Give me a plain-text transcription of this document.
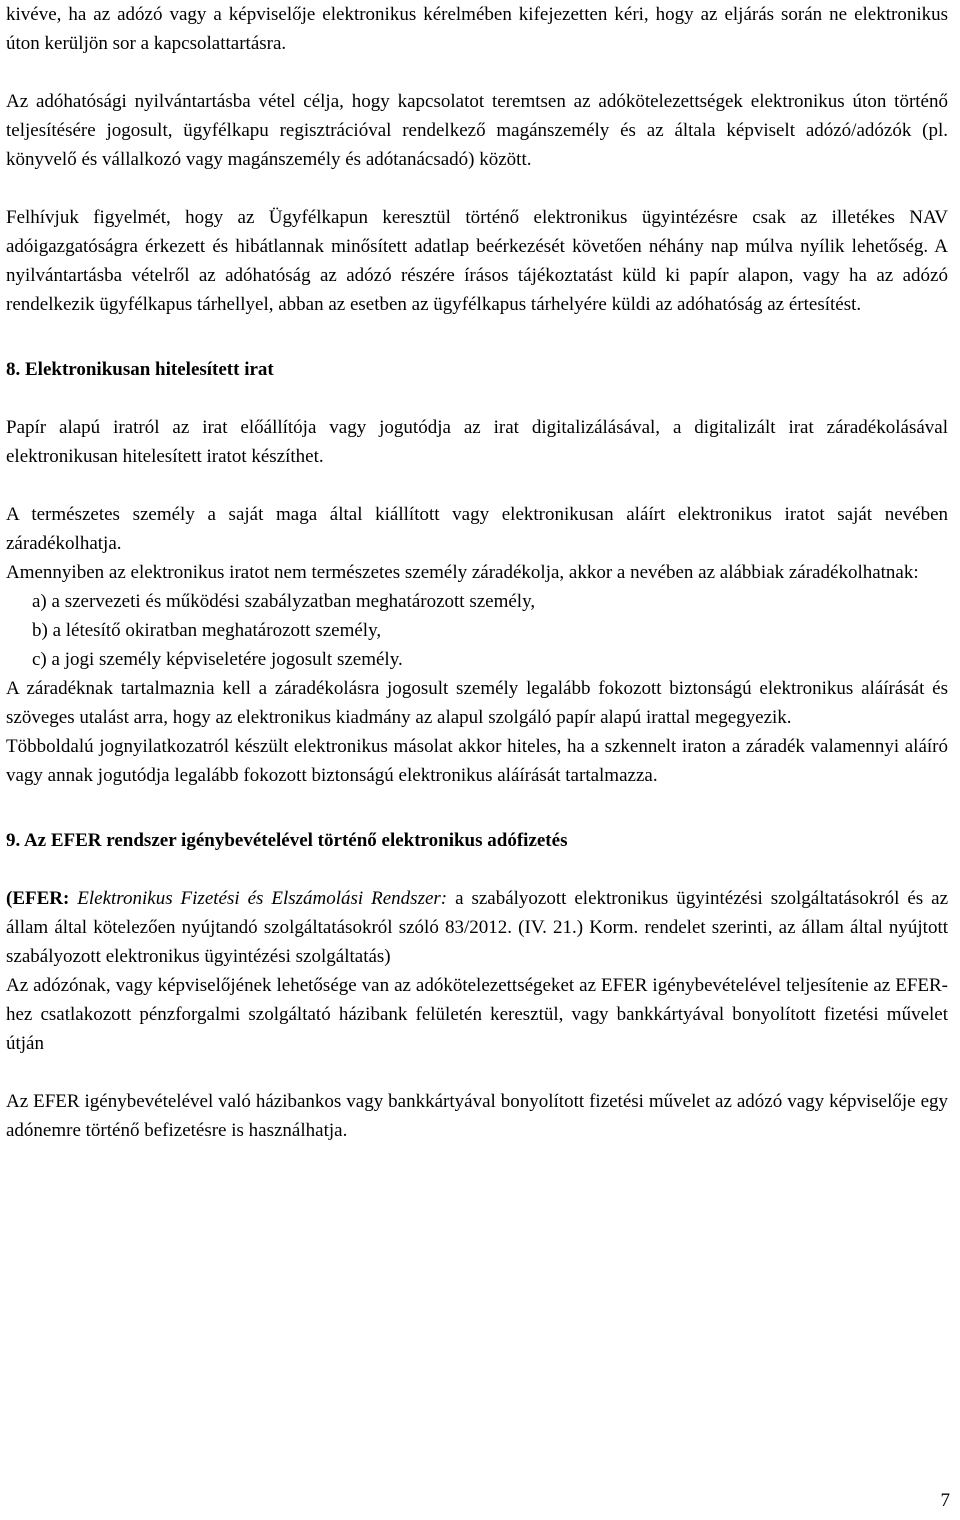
kivéve, ha az adózó vagy a képviselője elektronikus kérelmében kifejezetten kéri, hogy az eljárás során ne elektronikus úton kerüljön sor a kapcsolattartásra.

Az adóhatósági nyilvántartásba vétel célja, hogy kapcsolatot teremtsen az adókötelezettségek elektronikus úton történő teljesítésére jogosult, ügyfélkapu regisztrációval rendelkező magánszemély és az általa képviselt adózó/adózók (pl. könyvelő és vállalkozó vagy magánszemély és adótanácsadó) között.

Felhívjuk figyelmét, hogy az Ügyfélkapun keresztül történő elektronikus ügyintézésre csak az illetékes NAV adóigazgatóságra érkezett és hibátlannak minősített adatlap beérkezését követően néhány nap múlva nyílik lehetőség. A nyilvántartásba vételről az adóhatóság az adózó részére írásos tájékoztatást küld ki papír alapon, vagy ha az adózó rendelkezik ügyfélkapus tárhellyel, abban az esetben az ügyfélkapus tárhelyére küldi az adóhatóság az értesítést.

8. Elektronikusan hitelesített irat

Papír alapú iratról az irat előállítója vagy jogutódja az irat digitalizálásával, a digitalizált irat záradékolásával elektronikusan hitelesített iratot készíthet.

A természetes személy a saját maga által kiállított vagy elektronikusan aláírt elektronikus iratot saját nevében záradékolhatja.

Amennyiben az elektronikus iratot nem természetes személy záradékolja, akkor a nevében az alábbiak záradékolhatnak:

a) a szervezeti és működési szabályzatban meghatározott személy,

b) a létesítő okiratban meghatározott személy,

c) a jogi személy képviseletére jogosult személy.

A záradéknak tartalmaznia kell a záradékolásra jogosult személy legalább fokozott biztonságú elektronikus aláírását és szöveges utalást arra, hogy az elektronikus kiadmány az alapul szolgáló papír alapú irattal megegyezik.

Többoldalú jognyilatkozatról készült elektronikus másolat akkor hiteles, ha a szkennelt iraton a záradék valamennyi aláíró vagy annak jogutódja legalább fokozott biztonságú elektronikus aláírását tartalmazza.

9. Az EFER rendszer igénybevételével történő elektronikus adófizetés

(EFER: Elektronikus Fizetési és Elszámolási Rendszer: a szabályozott elektronikus ügyintézési szolgáltatásokról és az állam által kötelezően nyújtandó szolgáltatásokról szóló 83/2012. (IV. 21.) Korm. rendelet szerinti, az állam által nyújtott szabályozott elektronikus ügyintézési szolgáltatás)

Az adózónak, vagy képviselőjének lehetősége van az adókötelezettségeket az EFER igénybevételével teljesítenie az EFER-hez csatlakozott pénzforgalmi szolgáltató házibank felületén keresztül, vagy bankkártyával bonyolított fizetési művelet útján

Az EFER igénybevételével való házibankos vagy bankkártyával bonyolított fizetési művelet az adózó vagy képviselője egy adónemre történő befizetésre is használhatja.

7
